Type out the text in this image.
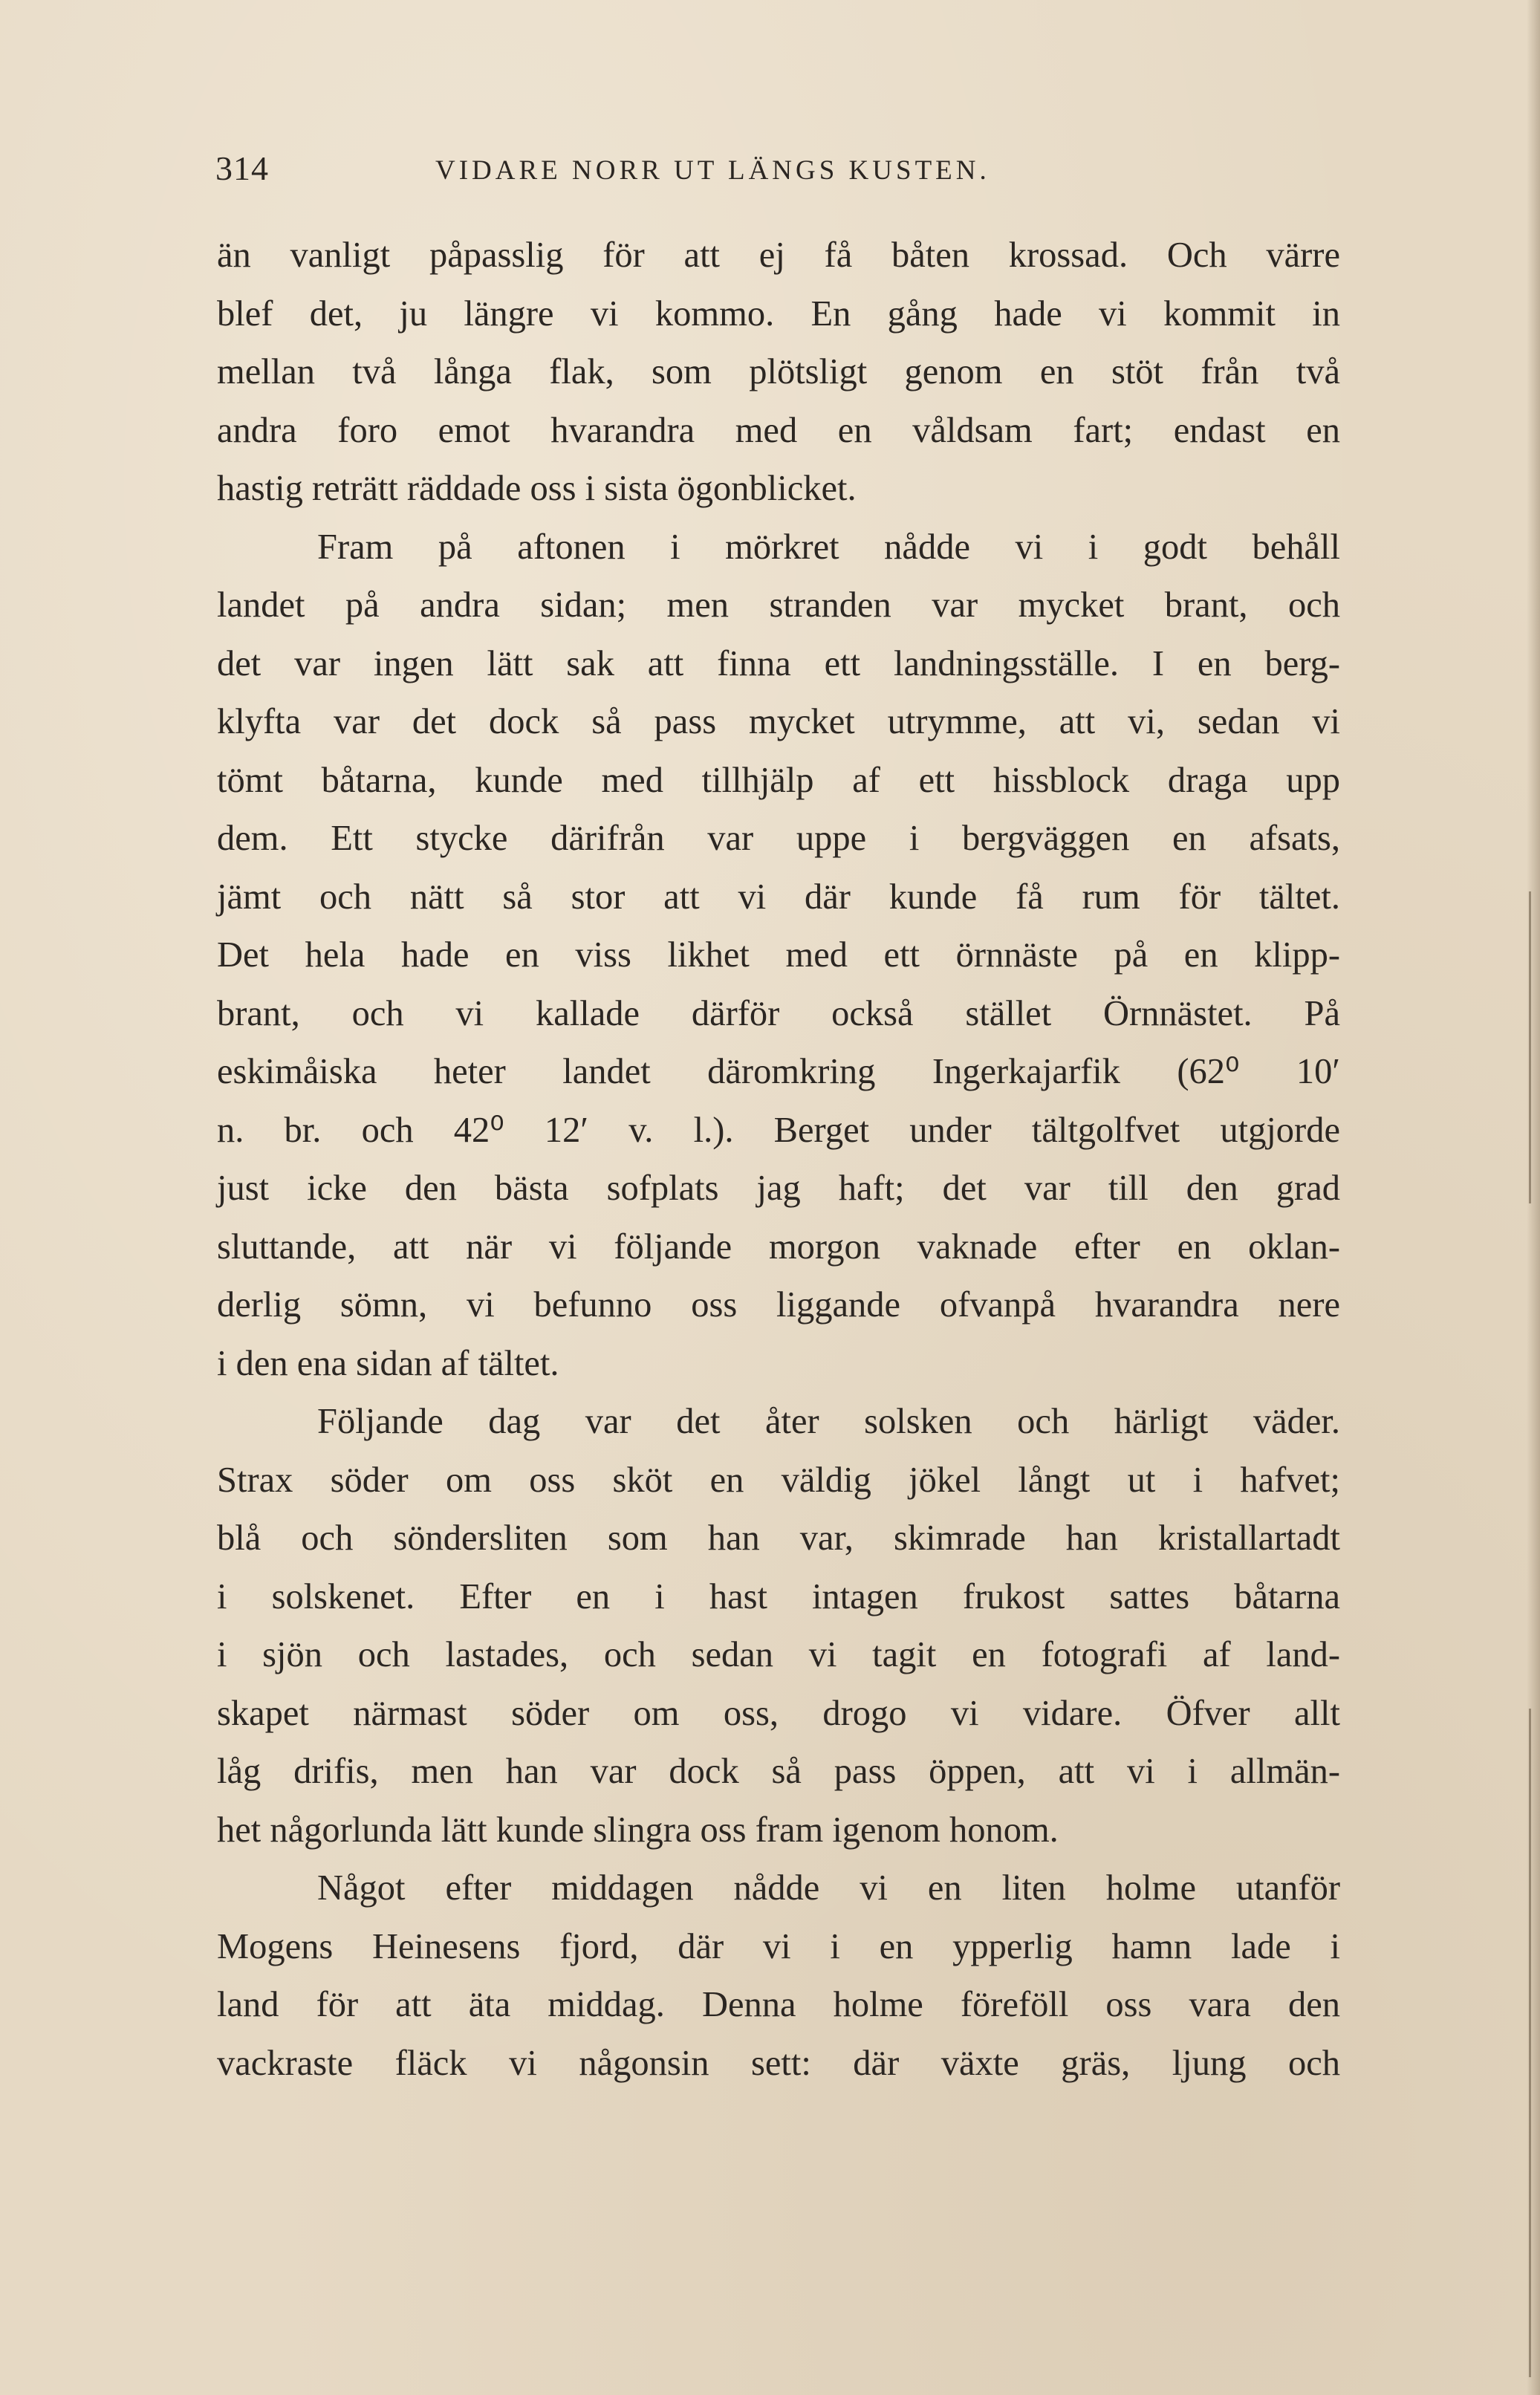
314	VIDARE NORR UT LÄNGS KUSTEN.
än vanligt påpasslig för att ej få båten krossad. Och värre
blef det, ju längre vi kommo. En gång hade vi kommit in
mellan två långa flak, som plötsligt genom en stöt från två
andra foro emot hvarandra med en våldsam fart; endast en
hastig reträtt räddade oss i sista ögonblicket.
Fram på aftonen i mörkret nådde vi i godt behåll
landet på andra sidan; men stranden var mycket brant, och
det var ingen lätt sak att finna ett landningsställe. I en berg-
klyfta var det dock så pass mycket utrymme, att vi, sedan vi
tömt båtarna, kunde med tillhjälp af ett hissblock draga upp
dem. Ett stycke därifrån var uppe i bergväggen en afsats,
jämt och nätt så stor att vi där kunde få rum för tältet.
Det hela hade en viss likhet med ett örnnäste på en klipp-
brant, och vi kallade därför också stället Örnnästet. På
eskimåiska heter landet däromkring Ingerkajarfik (62⁰ 10′
n. br. och 42⁰ 12′ v. l.). Berget under tältgolfvet utgjorde
just icke den bästa sofplats jag haft; det var till den grad
sluttande, att när vi följande morgon vaknade efter en oklan-
derlig sömn, vi befunno oss liggande ofvanpå hvarandra nere
i den ena sidan af tältet.
Följande dag var det åter solsken och härligt väder.
Strax söder om oss sköt en väldig jökel långt ut i hafvet;
blå och söndersliten som han var, skimrade han kristallartadt
i solskenet. Efter en i hast intagen frukost sattes båtarna
i sjön och lastades, och sedan vi tagit en fotografi af land-
skapet närmast söder om oss, drogo vi vidare. Öfver allt
låg drifis, men han var dock så pass öppen, att vi i allmän-
het någorlunda lätt kunde slingra oss fram igenom honom.
Något efter middagen nådde vi en liten holme utanför
Mogens Heinesens fjord, där vi i en ypperlig hamn lade i
land för att äta middag. Denna holme föreföll oss vara den
vackraste fläck vi någonsin sett: där växte gräs, ljung och
